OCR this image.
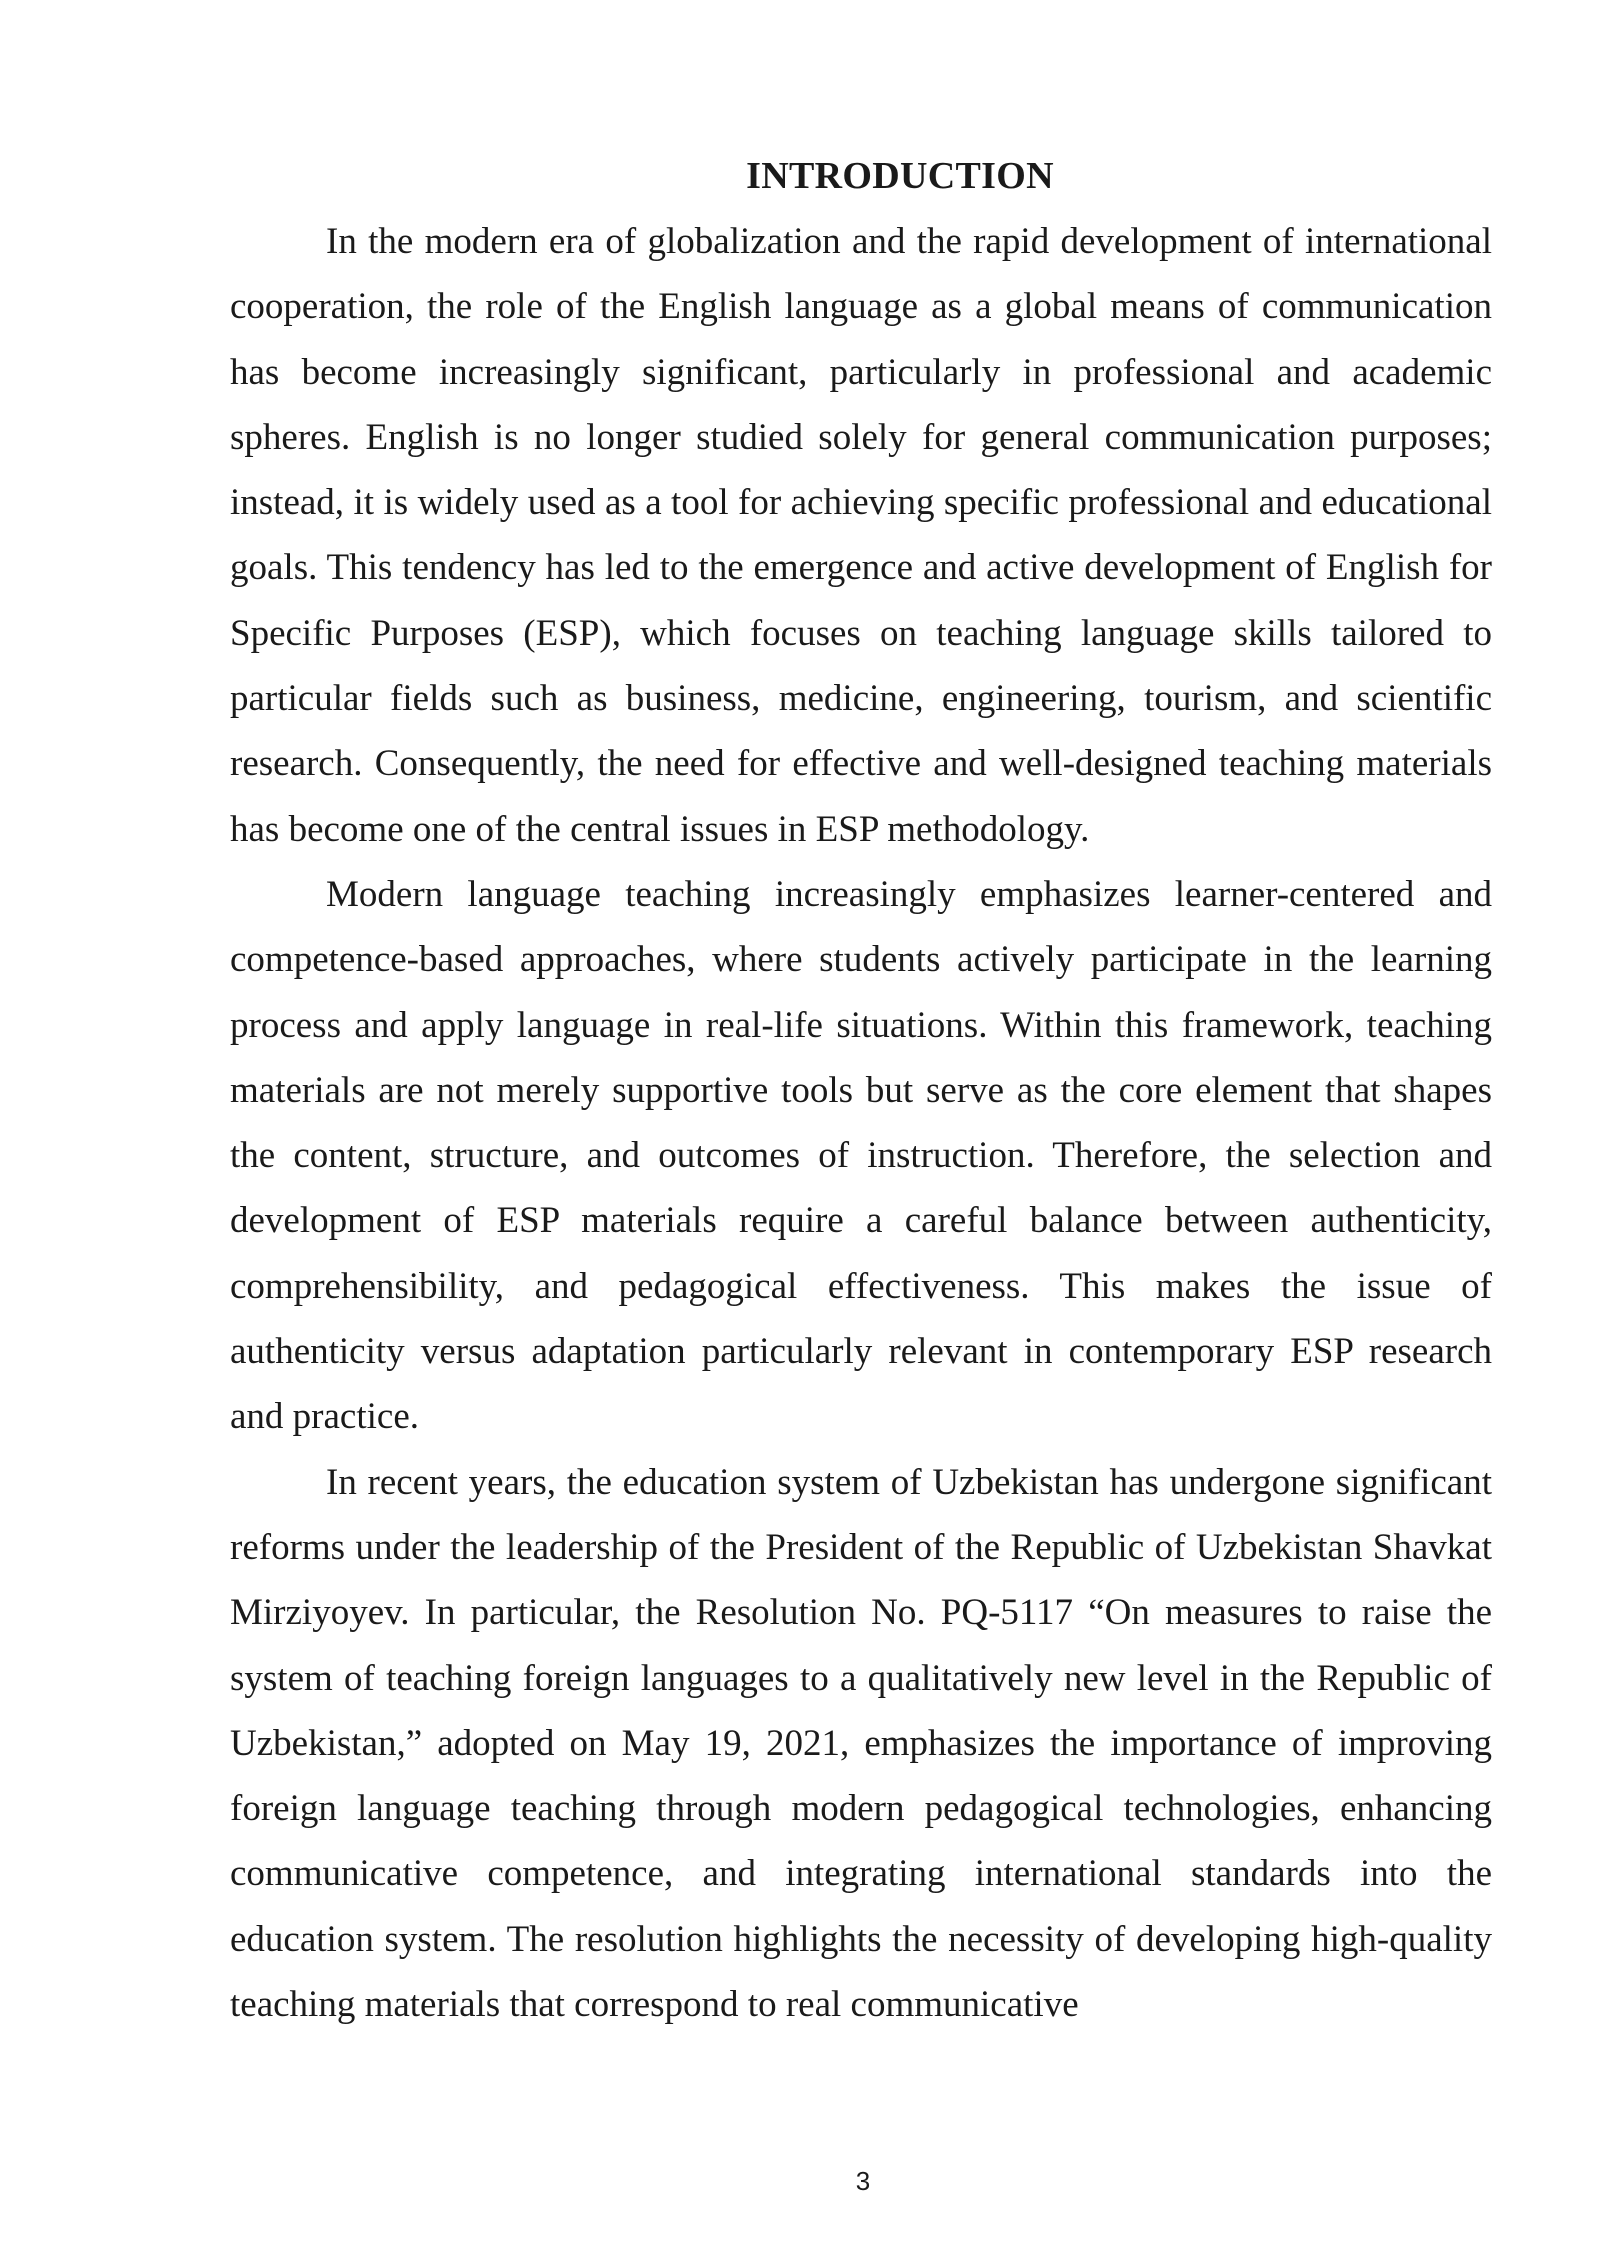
INTRODUCTION

In the modern era of globalization and the rapid development of international cooperation, the role of the English language as a global means of communication has become increasingly significant, particularly in professional and academic spheres. English is no longer studied solely for general communication purposes; instead, it is widely used as a tool for achieving specific professional and educational goals. This tendency has led to the emergence and active development of English for Specific Purposes (ESP), which focuses on teaching language skills tailored to particular fields such as business, medicine, engineering, tourism, and scientific research. Consequently, the need for effective and well-designed teaching materials has become one of the central issues in ESP methodology.

Modern language teaching increasingly emphasizes learner-centered and competence-based approaches, where students actively participate in the learning process and apply language in real-life situations. Within this framework, teaching materials are not merely supportive tools but serve as the core element that shapes the content, structure, and outcomes of instruction. Therefore, the selection and development of ESP materials require a careful balance between authenticity, comprehensibility, and pedagogical effectiveness. This makes the issue of authenticity versus adaptation particularly relevant in contemporary ESP research and practice.

In recent years, the education system of Uzbekistan has undergone significant reforms under the leadership of the President of the Republic of Uzbekistan Shavkat Mirziyoyev. In particular, the Resolution No. PQ-5117 “On measures to raise the system of teaching foreign languages to a qualitatively new level in the Republic of Uzbekistan,” adopted on May 19, 2021, emphasizes the importance of improving foreign language teaching through modern pedagogical technologies, enhancing communicative competence, and integrating international standards into the education system. The resolution highlights the necessity of developing high-quality teaching materials that correspond to real communicative

3
